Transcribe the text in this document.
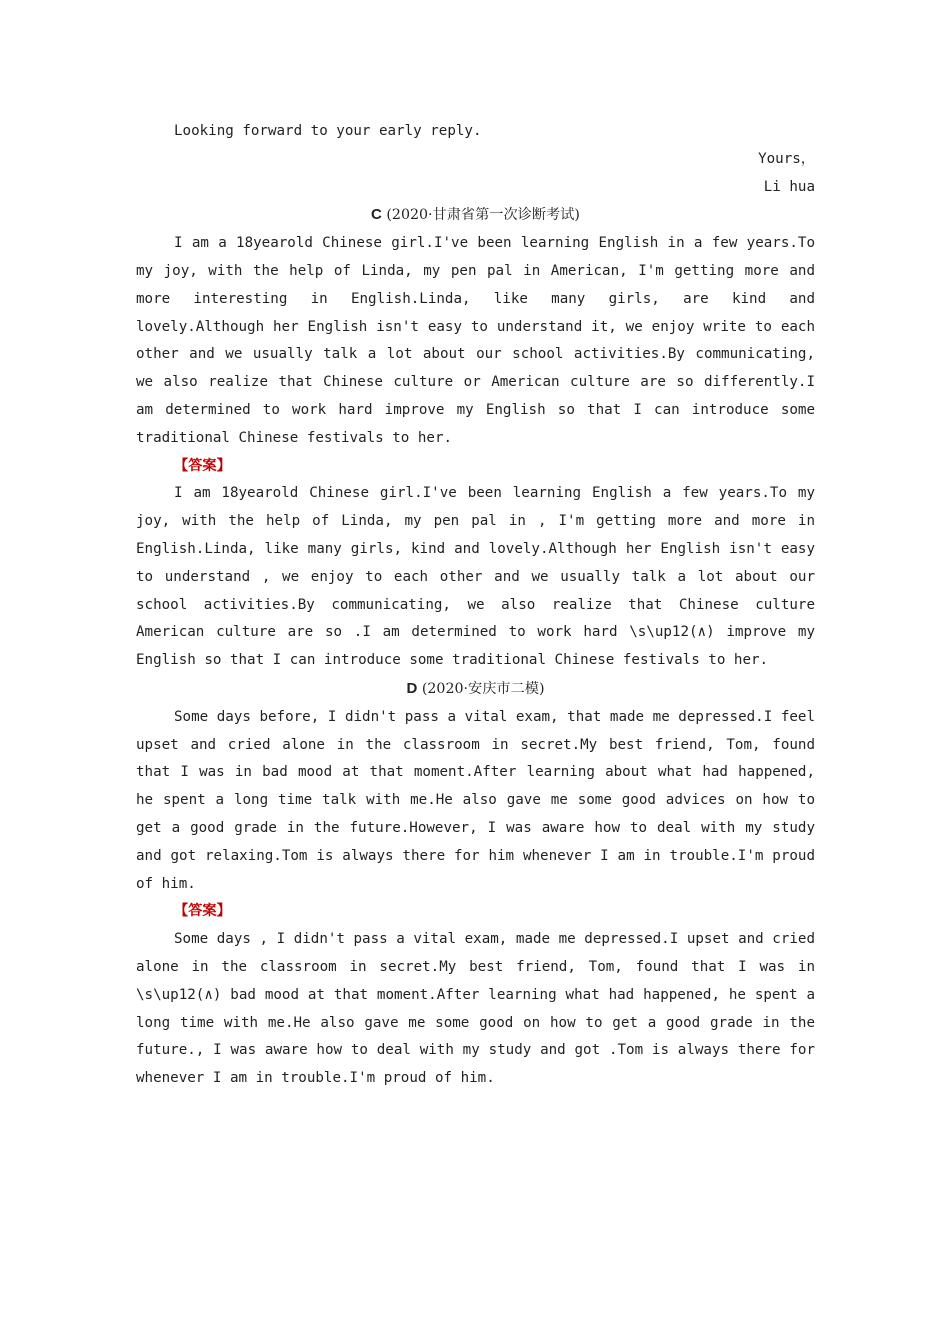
Looking forward to your early reply.

Yours，

Li hua

C (2020·甘肃省第一次诊断考试)

I am a 18yearold Chinese girl.I've been learning English in a few years.To my joy, with the help of Linda, my pen pal in American, I'm getting more and more interesting in English.Linda, like many girls, are kind and lovely.Although her English isn't easy to understand it, we enjoy write to each other and we usually talk a lot about our school activities.By communicating, we also realize that Chinese culture or American culture are so differently.I am determined to work hard improve my English so that I can introduce some traditional Chinese festivals to her.

【答案】

I am 18yearold Chinese girl.I've been learning English a few years.To my joy, with the help of Linda, my pen pal in , I'm getting more and more in English.Linda, like many girls, kind and lovely.Although her English isn't easy to understand , we enjoy to each other and we usually talk a lot about our school activities.By communicating, we also realize that Chinese culture American culture are so .I am determined to work hard \s\up12(∧) improve my English so that I can introduce some traditional Chinese festivals to her.

D (2020·安庆市二模)

Some days before, I didn't pass a vital exam, that made me depressed.I feel upset and cried alone in the classroom in secret.My best friend, Tom, found that I was in bad mood at that moment.After learning about what had happened, he spent a long time talk with me.He also gave me some good advices on how to get a good grade in the future.However, I was aware how to deal with my study and got relaxing.Tom is always there for him whenever I am in trouble.I'm proud of him.

【答案】

Some days , I didn't pass a vital exam, made me depressed.I upset and cried alone in the classroom in secret.My best friend, Tom, found that I was in \s\up12(∧) bad mood at that moment.After learning what had happened, he spent a long time with me.He also gave me some good on how to get a good grade in the future., I was aware how to deal with my study and got .Tom is always there for whenever I am in trouble.I'm proud of him.
